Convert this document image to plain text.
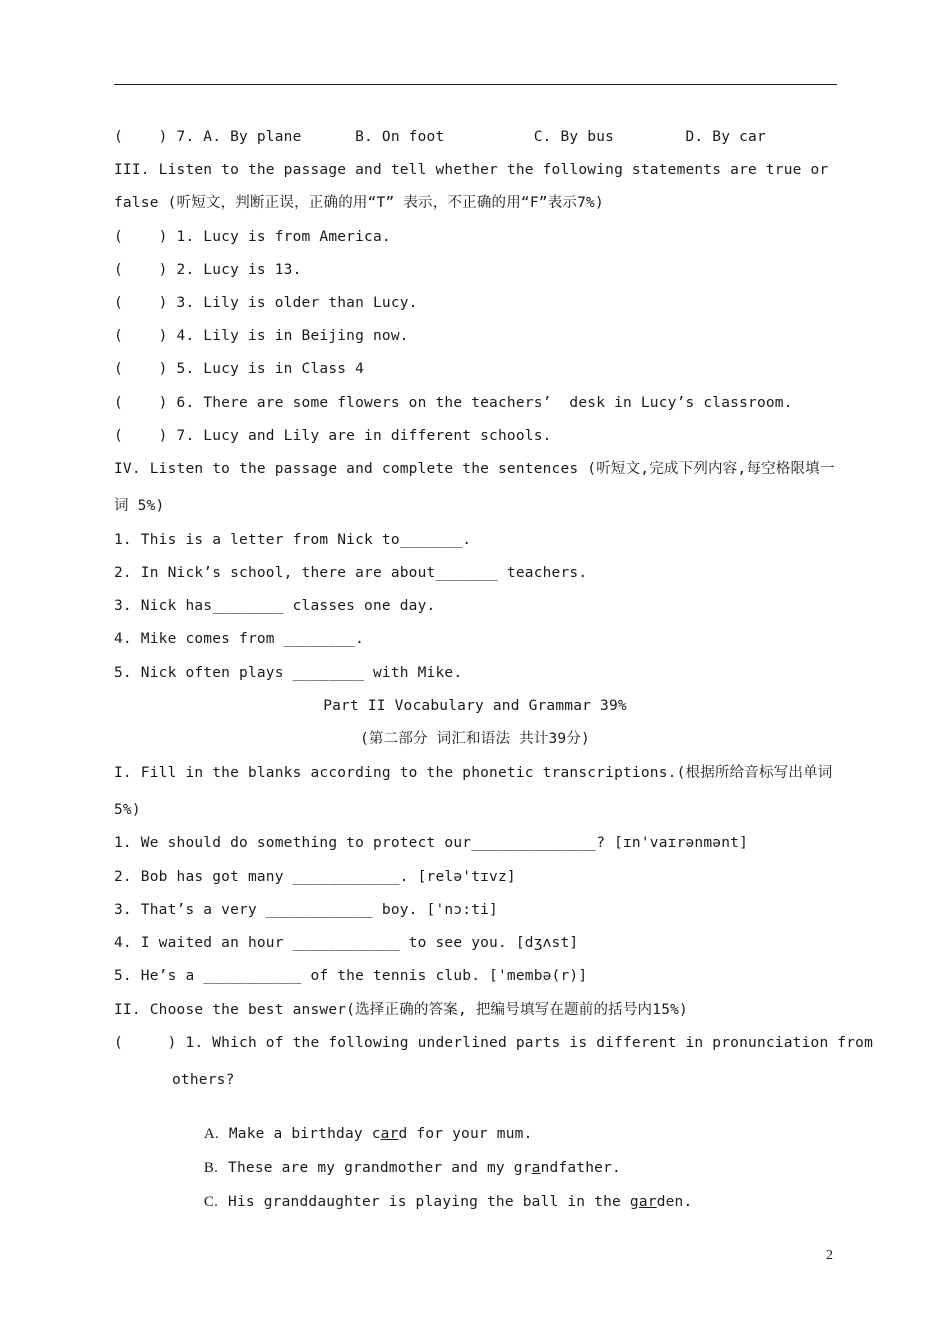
(    ) 7. A. By plane      B. On foot          C. By bus        D. By car
III. Listen to the passage and tell whether the following statements are true or
false (听短文，判断正误，正确的用“T” 表示，不正确的用“F”表示7%)
(    ) 1. Lucy is from America.
(    ) 2. Lucy is 13.
(    ) 3. Lily is older than Lucy.
(    ) 4. Lily is in Beijing now.
(    ) 5. Lucy is in Class 4
(    ) 6. There are some flowers on the teachers’  desk in Lucy’s classroom.
(    ) 7. Lucy and Lily are in different schools.
IV. Listen to the passage and complete the sentences (听短文,完成下列内容,每空格限填一
词 5%)
1. This is a letter from Nick to_______.
2. In Nick’s school, there are about_______ teachers.
3. Nick has________ classes one day.
4. Mike comes from ________.
5. Nick often plays ________ with Mike.
Part II Vocabulary and Grammar 39%
(第二部分 词汇和语法 共计39分)
I. Fill in the blanks according to the phonetic transcriptions.(根据所给音标写出单词
5%)
1. We should do something to protect our______________? [ɪn'vaɪrənmənt]
2. Bob has got many ____________. [relə'tɪvz]
3. That’s a very ____________ boy. ['nɔ:ti]
4. I waited an hour ____________ to see you. [dʒʌst]
5. He’s a ___________ of the tennis club. ['membə(r)]
II. Choose the best answer(选择正确的答案, 把编号填写在题前的括号内15%)
(     ) 1. Which of the following underlined parts is different in pronunciation from
others?

A. Make a birthday card for your mum.

B. These are my grandmother and my grandfather.

C. His granddaughter is playing the ball in the garden.

2
